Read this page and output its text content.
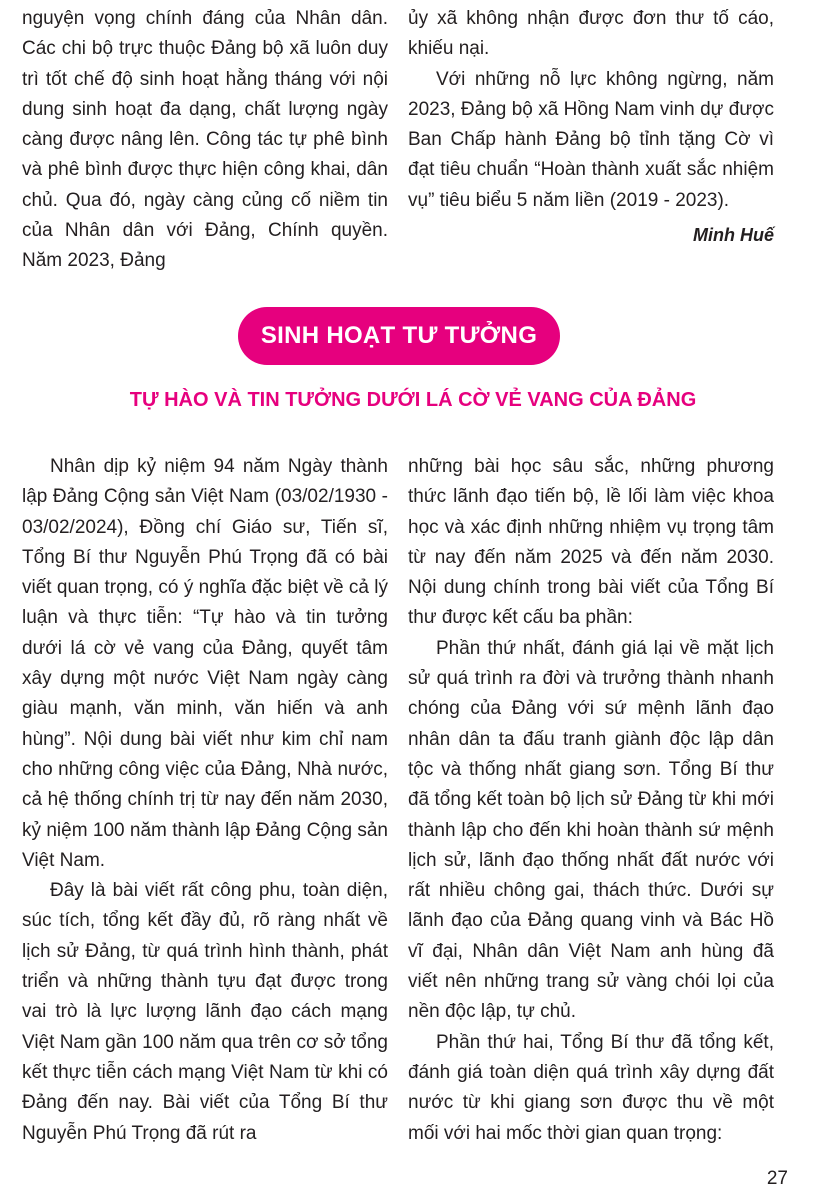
nguyện vọng chính đáng của Nhân dân. Các chi bộ trực thuộc Đảng bộ xã luôn duy trì tốt chế độ sinh hoạt hằng tháng với nội dung sinh hoạt đa dạng, chất lượng ngày càng được nâng lên. Công tác tự phê bình và phê bình được thực hiện công khai, dân chủ. Qua đó, ngày càng củng cố niềm tin của Nhân dân với Đảng, Chính quyền. Năm 2023, Đảng

ủy xã không nhận được đơn thư tố cáo, khiếu nại.

Với những nỗ lực không ngừng, năm 2023, Đảng bộ xã Hồng Nam vinh dự được Ban Chấp hành Đảng bộ tỉnh tặng Cờ vì đạt tiêu chuẩn “Hoàn thành xuất sắc nhiệm vụ” tiêu biểu 5 năm liền (2019 - 2023).

Minh Huế

SINH HOẠT TƯ TƯỞNG
TỰ HÀO VÀ TIN TƯỞNG DƯỚI LÁ CỜ VẺ VANG CỦA ĐẢNG

Nhân dịp kỷ niệm 94 năm Ngày thành lập Đảng Cộng sản Việt Nam (03/02/1930 - 03/02/2024), Đồng chí Giáo sư, Tiến sĩ, Tổng Bí thư Nguyễn Phú Trọng đã có bài viết quan trọng, có ý nghĩa đặc biệt về cả lý luận và thực tiễn: “Tự hào và tin tưởng dưới lá cờ vẻ vang của Đảng, quyết tâm xây dựng một nước Việt Nam ngày càng giàu mạnh, văn minh, văn hiến và anh hùng”. Nội dung bài viết như kim chỉ nam cho những công việc của Đảng, Nhà nước, cả hệ thống chính trị từ nay đến năm 2030, kỷ niệm 100 năm thành lập Đảng Cộng sản Việt Nam.

Đây là bài viết rất công phu, toàn diện, súc tích, tổng kết đầy đủ, rõ ràng nhất về lịch sử Đảng, từ quá trình hình thành, phát triển và những thành tựu đạt được trong vai trò là lực lượng lãnh đạo cách mạng Việt Nam gần 100 năm qua trên cơ sở tổng kết thực tiễn cách mạng Việt Nam từ khi có Đảng đến nay. Bài viết của Tổng Bí thư Nguyễn Phú Trọng đã rút ra

những bài học sâu sắc, những phương thức lãnh đạo tiến bộ, lề lối làm việc khoa học và xác định những nhiệm vụ trọng tâm từ nay đến năm 2025 và đến năm 2030. Nội dung chính trong bài viết của Tổng Bí thư được kết cấu ba phần:

Phần thứ nhất, đánh giá lại về mặt lịch sử quá trình ra đời và trưởng thành nhanh chóng của Đảng với sứ mệnh lãnh đạo nhân dân ta đấu tranh giành độc lập dân tộc và thống nhất giang sơn. Tổng Bí thư đã tổng kết toàn bộ lịch sử Đảng từ khi mới thành lập cho đến khi hoàn thành sứ mệnh lịch sử, lãnh đạo thống nhất đất nước với rất nhiều chông gai, thách thức. Dưới sự lãnh đạo của Đảng quang vinh và Bác Hồ vĩ đại, Nhân dân Việt Nam anh hùng đã viết nên những trang sử vàng chói lọi của nền độc lập, tự chủ.

Phần thứ hai, Tổng Bí thư đã tổng kết, đánh giá toàn diện quá trình xây dựng đất nước từ khi giang sơn được thu về một mối với hai mốc thời gian quan trọng:

27
